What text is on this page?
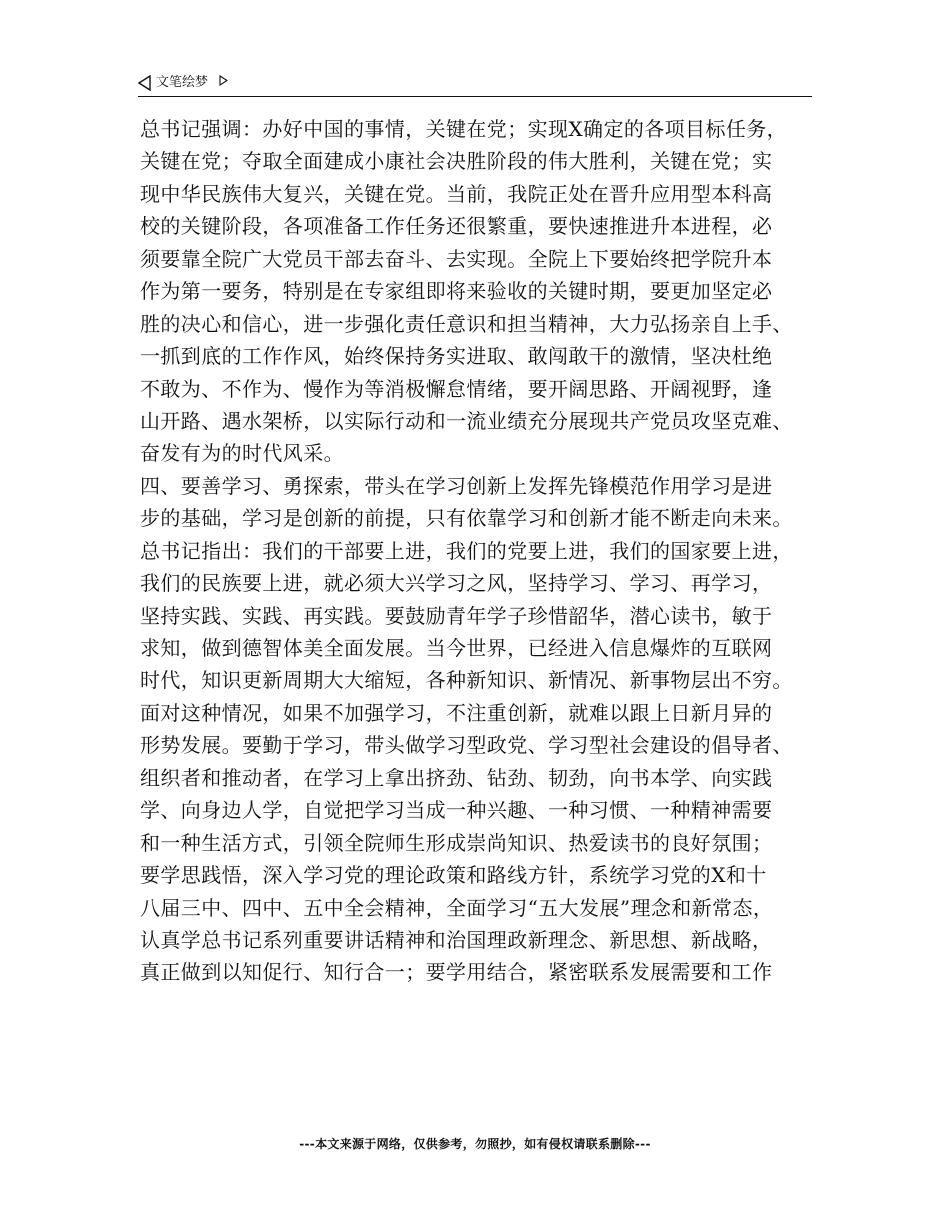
文笔绘梦
总书记强调：办好中国的事情，关键在党；实现Ⅹ确定的各项目标任务，
关键在党；夺取全面建成小康社会决胜阶段的伟大胜利，关键在党；实
现中华民族伟大复兴，关键在党。当前，我院正处在晋升应用型本科高
校的关键阶段，各项准备工作任务还很繁重，要快速推进升本进程，必
须要靠全院广大党员干部去奋斗、去实现。全院上下要始终把学院升本
作为第一要务，特别是在专家组即将来验收的关键时期，要更加坚定必
胜的决心和信心，进一步强化责任意识和担当精神，大力弘扬亲自上手、
一抓到底的工作作风，始终保持务实进取、敢闯敢干的激情，坚决杜绝
不敢为、不作为、慢作为等消极懈怠情绪，要开阔思路、开阔视野，逢
山开路、遇水架桥，以实际行动和一流业绩充分展现共产党员攻坚克难、
奋发有为的时代风采。
四、要善学习、勇探索，带头在学习创新上发挥先锋模范作用学习是进
步的基础，学习是创新的前提，只有依靠学习和创新才能不断走向未来。
总书记指出：我们的干部要上进，我们的党要上进，我们的国家要上进，
我们的民族要上进，就必须大兴学习之风，坚持学习、学习、再学习，
坚持实践、实践、再实践。要鼓励青年学子珍惜韶华，潜心读书，敏于
求知，做到德智体美全面发展。当今世界，已经进入信息爆炸的互联网
时代，知识更新周期大大缩短，各种新知识、新情况、新事物层出不穷。
面对这种情况，如果不加强学习，不注重创新，就难以跟上日新月异的
形势发展。要勤于学习，带头做学习型政党、学习型社会建设的倡导者、
组织者和推动者，在学习上拿出挤劲、钻劲、韧劲，向书本学、向实践
学、向身边人学，自觉把学习当成一种兴趣、一种习惯、一种精神需要
和一种生活方式，引领全院师生形成崇尚知识、热爱读书的良好氛围；
要学思践悟，深入学习党的理论政策和路线方针，系统学习党的Ⅹ和十
八届三中、四中、五中全会精神，全面学习“五大发展”理念和新常态，
认真学总书记系列重要讲话精神和治国理政新理念、新思想、新战略，
真正做到以知促行、知行合一；要学用结合，紧密联系发展需要和工作
---本文来源于网络，仅供参考，勿照抄，如有侵权请联系删除---
